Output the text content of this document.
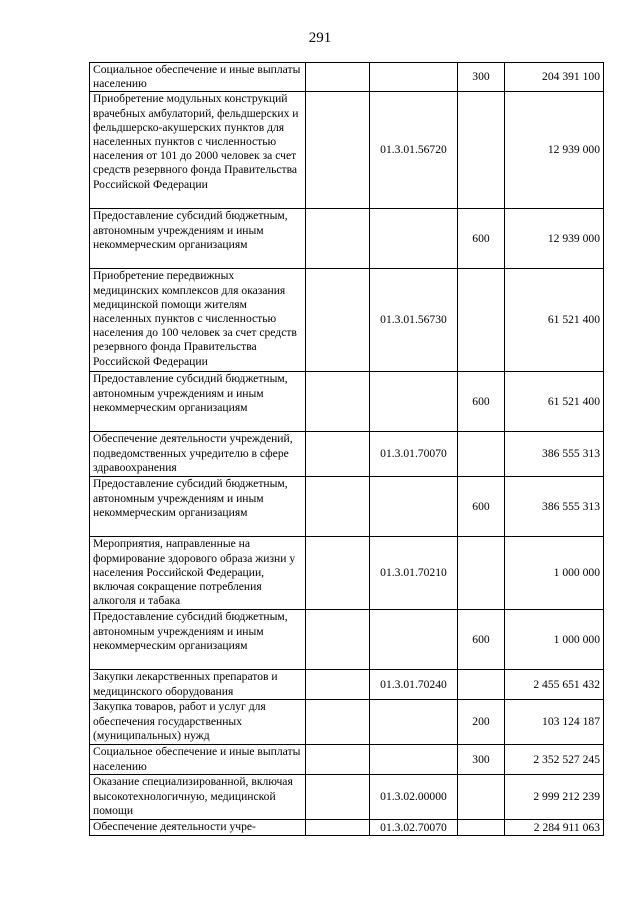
291
Социальное обеспечение и иные выплаты населению			300	204 391 100
Приобретение модульных конструкций врачебных амбулаторий, фельдшерских и фельдшерско-акушерских пунктов для населенных пунктов с численностью населения от 101 до 2000 человек за счет средств резервного фонда Правительства Российской Федерации		01.3.01.56720		12 939 000
Предоставление субсидий бюджетным, автономным учреждениям и иным некоммерческим организациям			600	12 939 000
Приобретение передвижных медицинских комплексов для оказания медицинской помощи жителям населенных пунктов с численностью населения до 100 человек за счет средств резервного фонда Правительства Российской Федерации		01.3.01.56730		61 521 400
Предоставление субсидий бюджетным, автономным учреждениям и иным некоммерческим организациям			600	61 521 400
Обеспечение деятельности учреждений, подведомственных учредителю в сфере здравоохранения		01.3.01.70070		386 555 313
Предоставление субсидий бюджетным, автономным учреждениям и иным некоммерческим организациям			600	386 555 313
Мероприятия, направленные на формирование здорового образа жизни у населения Российской Федерации, включая сокращение потребления алкоголя и табака		01.3.01.70210		1 000 000
Предоставление субсидий бюджетным, автономным учреждениям и иным некоммерческим организациям			600	1 000 000
Закупки лекарственных препаратов и медицинского оборудования		01.3.01.70240		2 455 651 432
Закупка товаров, работ и услуг для обеспечения государственных (муниципальных) нужд			200	103 124 187
Социальное обеспечение и иные выплаты населению			300	2 352 527 245
Оказание специализированной, включая высокотехнологичную, медицинской помощи		01.3.02.00000		2 999 212 239
Обеспечение деятельности учре-		01.3.02.70070		2 284 911 063
